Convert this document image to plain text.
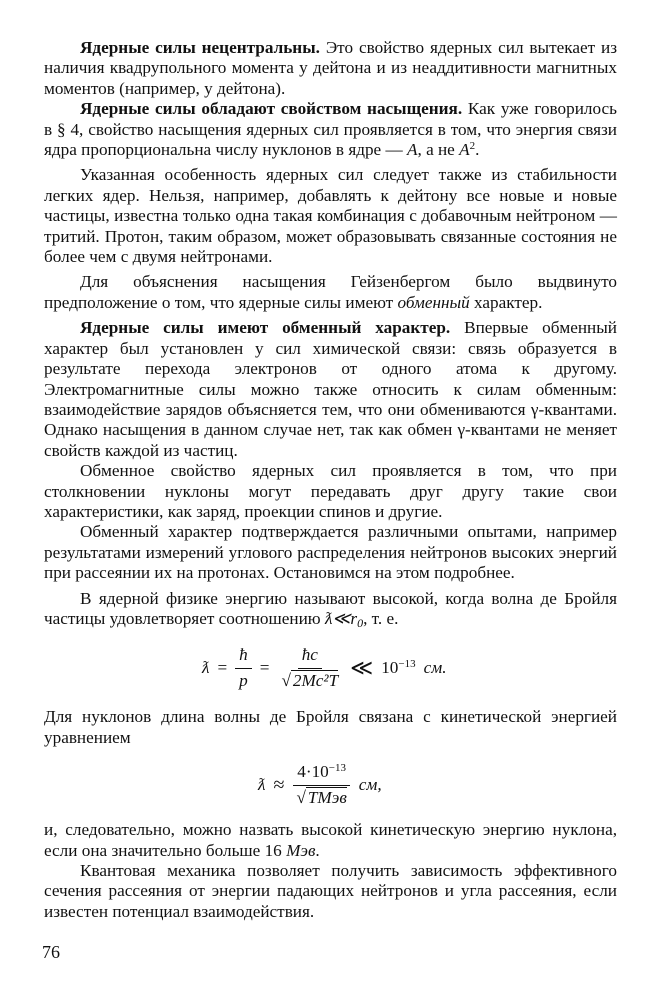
Ядерные силы нецентральны. Это свойство ядерных сил вытекает из наличия квадрупольного момента у дейтона и из неаддитивности магнитных моментов (например, у дейтона).

Ядерные силы обладают свойством насыщения. Как уже говорилось в § 4, свойство насыщения ядерных сил проявляется в том, что энергия связи ядра пропорциональна числу нуклонов в ядре — A, а не $A^2$.

Указанная особенность ядерных сил следует также из стабильности легких ядер. Нельзя, например, добавлять к дейтону все новые и новые частицы, известна только одна такая комбинация с добавочным нейтроном — тритий. Протон, таким образом, может образовывать связанные состояния не более чем с двумя нейтронами.

Для объяснения насыщения Гейзенбергом было выдвинуто предположение о том, что ядерные силы имеют обменный характер.

Ядерные силы имеют обменный характер. Впервые обменный характер был установлен у сил химической связи: связь образуется в результате перехода электронов от одного атома к другому. Электромагнитные силы можно также относить к силам обменным: взаимодействие зарядов объясняется тем, что они обмениваются γ-квантами. Однако насыщения в данном случае нет, так как обмен γ-квантами не меняет свойств каждой из частиц.

Обменное свойство ядерных сил проявляется в том, что при столкновении нуклоны могут передавать друг другу такие свои характеристики, как заряд, проекции спинов и другие.

Обменный характер подтверждается различными опытами, например результатами измерений углового распределения нейтронов высоких энергий при рассеянии их на протонах. Остановимся на этом подробнее.

В ядерной физике энергию называют высокой, когда волна де Бройля частицы удовлетворяет соотношению $ƛ≪r_0$, т. е.

ƛ = $\frac{ħ}{p} = \frac{ħc}{\text{√ 2Mc²T}}$ ≪ $10^{-13}$ см.

Для нуклонов длина волны де Бройля связана с кинетической энергией уравнением

ƛ ≈ $\frac{4\cdot 10^{-13}}{\text{√ TMэв}}$ см,

и, следовательно, можно назвать высокой кинетическую энергию нуклона, если она значительно больше 16 Мэв.

Квантовая механика позволяет получить зависимость эффективного сечения рассеяния от энергии падающих нейтронов и угла рассеяния, если известен потенциал взаимодействия.

76
